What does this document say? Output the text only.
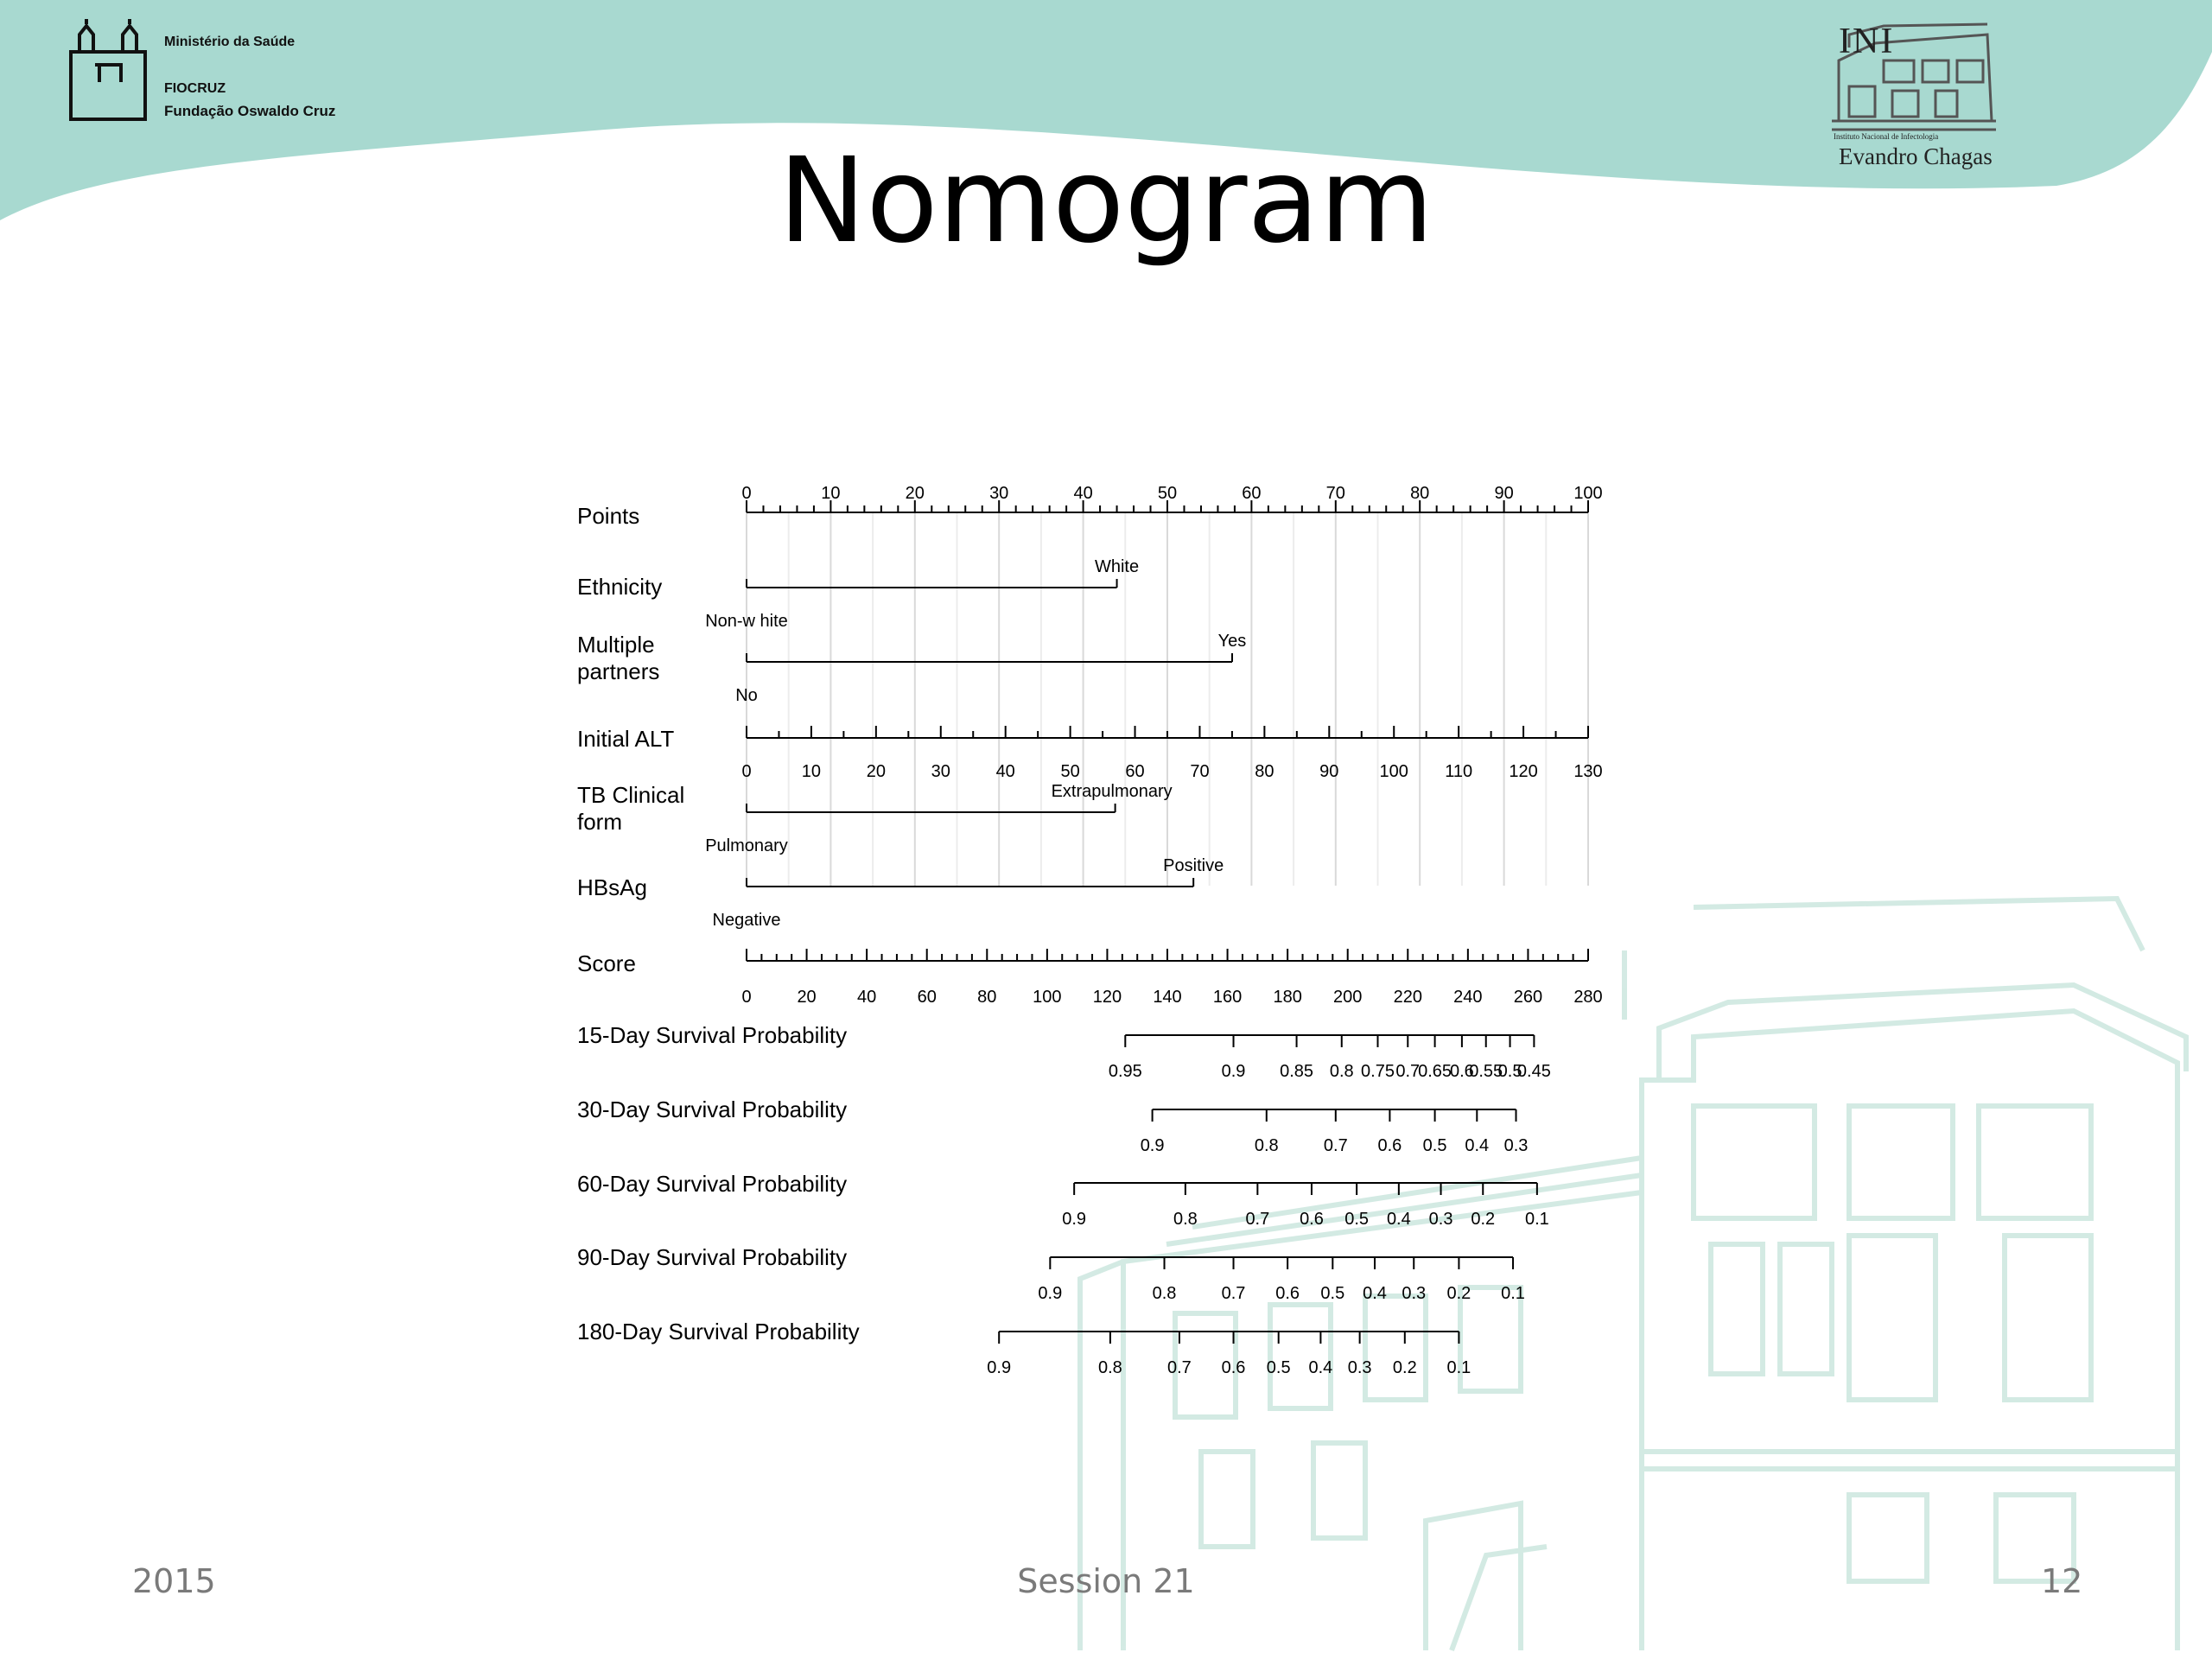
Ministério da Saúde
FIOCRUZ
Fundação Oswaldo Cruz
INI
Instituto Nacional de Infectologia
Evandro Chagas
Nomogram
Points
0	10	20	30	40	50	60	70	80	90	100
Ethnicity
Non-w hite
White
Multiple
partners
No
Yes
Initial ALT
0	10	20	30	40	50	60	70	80	90 100 110 120 130
TB Clinical
form
Pulmonary
Extrapulmonary
HBsAg
Negative
Positive
Score
0	20 40 60 80 100 120 140 160 180 200 220 240 260 280
15-Day Survival Probability
0.95	0.9 0.85 0.8 0.75 0.7
0.65
0.6
0.55
0.5
0.45
30-Day Survival Probability
0.9	0.8	0.7 0.6 0.5 0.4 0.3
60-Day Survival Probability
0.9	0.8	0.7 0.6 0.5 0.4 0.3 0.2 0.1
90-Day Survival Probability
0.9	0.8	0.7 0.6 0.5 0.4 0.3 0.2 0.1
180-Day Survival Probability
0.9	0.8	0.7 0.6 0.5 0.4 0.3 0.2 0.1
2015	Session 21	12
